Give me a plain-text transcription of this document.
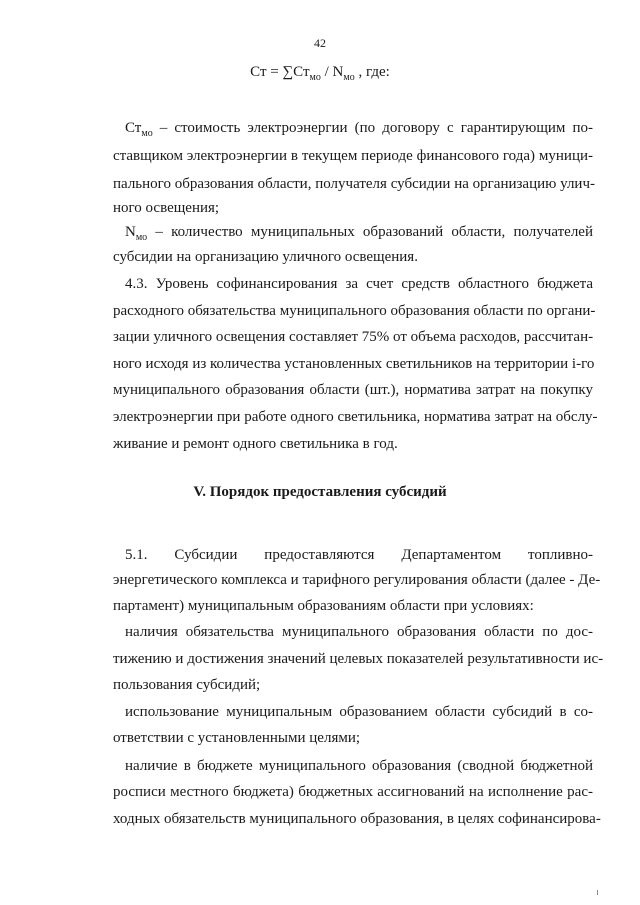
42
Ст = $\sum Ст_{мо} / N_{мо}$ , где:
$Ст_{мо}$ – стоимость электроэнергии (по договору с гарантирующим по-
ставщиком электроэнергии в текущем периоде финансового года) муници-
пального образования области, получателя субсидии на организацию улич-
ного освещения;
$N_{мо}$ – количество муниципальных образований области, получателей
субсидии на организацию уличного освещения.
4.3. Уровень софинансирования за счет средств областного бюджета
расходного обязательства муниципального образования области по органи-
зации уличного освещения составляет 75% от объема расходов, рассчитан-
ного исходя из количества установленных светильников на территории i-го
муниципального образования области (шт.), норматива затрат на покупку
электроэнергии при работе одного светильника, норматива затрат на обслу-
живание и ремонт одного светильника в год.
V. Порядок предоставления субсидий
5.1. Субсидии предоставляются Департаментом топливно-
энергетического комплекса и тарифного регулирования области (далее - Де-
партамент) муниципальным образованиям области при условиях:
наличия обязательства муниципального образования области по дос-
тижению и достижения значений целевых показателей результативности ис-
пользования субсидий;
использование муниципальным образованием области субсидий в со-
ответствии с установленными целями;
наличие в бюджете муниципального образования (сводной бюджетной
росписи местного бюджета) бюджетных ассигнований на исполнение рас-
ходных обязательств муниципального образования, в целях софинансирова-
